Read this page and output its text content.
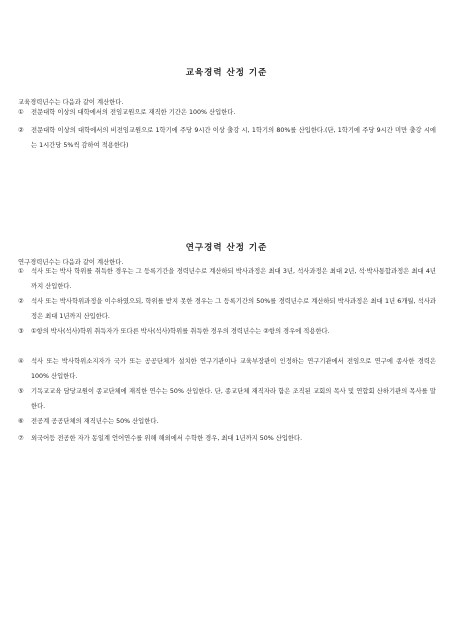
교육경력 산정 기준
교육경력년수는 다음과 같이 계산한다.
①	전문대학 이상의 대학에서의 전임교원으로 재직한 기간은 100% 산입한다.
②	전문대학 이상의 대학에서의 비전임교원으로 1학기에 주당 9시간 이상 출강 시, 1학기의 80%를 산입한다.(단, 1학기에 주당 9시간 미만 출강 시에는 1시간당 5%씩 감하여 적용한다)
연구경력 산정 기준
연구경력년수는 다음과 같이 계산한다.
①	석사 또는 박사 학위를 취득한 경우는 그 등록기간을 경력년수로 계산하되 박사과정은 최대 3년, 석사과정은 최대 2년, 석·박사통합과정은 최대 4년까지 산입한다.
②	석사 또는 박사학위과정을 이수하였으되, 학위를 받지 못한 경우는 그 등록기간의 50%를 경력년수로 계산하되 박사과정은 최대 1년 6개월, 석사과정은 최대 1년까지 산입한다.
③	①항의 박사(석사)학위 취득자가 또다른 박사(석사)학위를 취득한 경우의 경력년수는 ②항의 경우에 적용한다.
④	석사 또는 박사학위소지자가 국가 또는 공공단체가 설치한 연구기관이나 교육부장관이 인정하는 연구기관에서 전임으로 연구에 종사한 경력은 100% 산입한다.
⑤	기독교교육 담당교원이 종교단체에 재직한 연수는 50% 산입한다. 단, 종교단체 재직자라 함은 조직된 교회의 목사 및 연합회 산하기관의 목사를 말한다.
⑥	전공계 공공단체의 재직년수는 50% 산입한다.
⑦	외국어등 전공한 자가 동일계 언어연수를 위해 해외에서 수학한 경우, 최대 1년까지 50% 산입한다.
